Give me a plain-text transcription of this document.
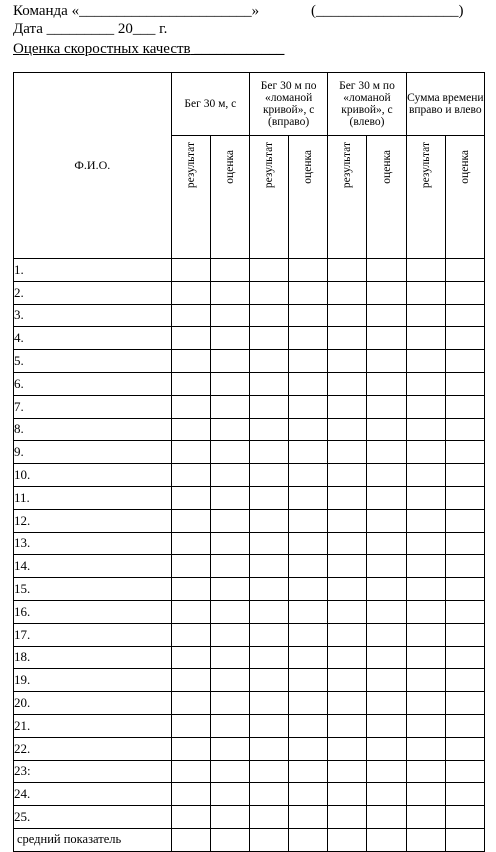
Команда «_______________________»	(___________________)
Дата _________ 20___ г.
Оценка скоростных качеств ____________
Ф.И.О.	Бег 30 м, с		Бег 30 м по «ломаной кривой», с (вправо)		Бег 30 м по «ломаной кривой», с (влево)		Сумма времени вправо и влево	

	результат	оценка	результат	оценка	результат	оценка	результат	оценка

1.								
2.								
3.								
4.								
5.								
6.								
7.								
8.								
9.								
10.								
11.								
12.								
13.								
14.								
15.								
16.								
17.								
18.								
19.								
20.								
21.								
22.								
23:								
24.								
25.								
средний показатель								
